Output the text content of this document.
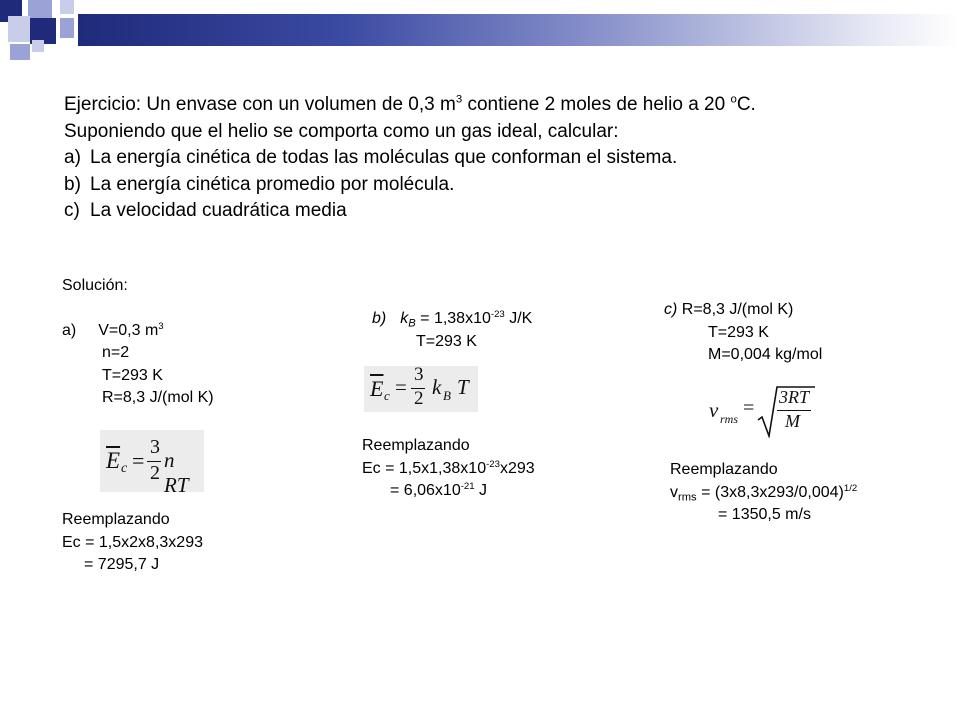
Ejercicio: Un envase con un volumen de 0,3 $m^3$ contiene 2 moles de helio a 20 $^o$C.
Suponiendo que el helio se comporta como un gas ideal, calcular:
a) La energía cinética de todas las moléculas que conforman el sistema.
b) La energía cinética promedio por molécula.
c) La velocidad cuadrática media
Solución:
a) V=0,3 $m^3$
n=2
T=293 K
R=8,3 J/(mol K)
$\overline{E}$ c =
3
2
n RT
Reemplazando
Ec = 1,5x2x8,3x293
= 7295,7 J
b) $k_B = 1,38x10^{-23}$ J/K
T=293 K
$\overline{E}$ c =
3
2 k B T
Reemplazando
$Ec = 1,5x1,38x10^{-23}x293$
= $6,06x10^{-21}$ J
c) R=8,3 J/(mol K)
T=293 K
M=0,004 kg/mol
v rms = 3RT
M
Reemplazando
$v_{rms} = (3x8,3x293/0,004)^{1/2}$
= 1350,5 m/s
